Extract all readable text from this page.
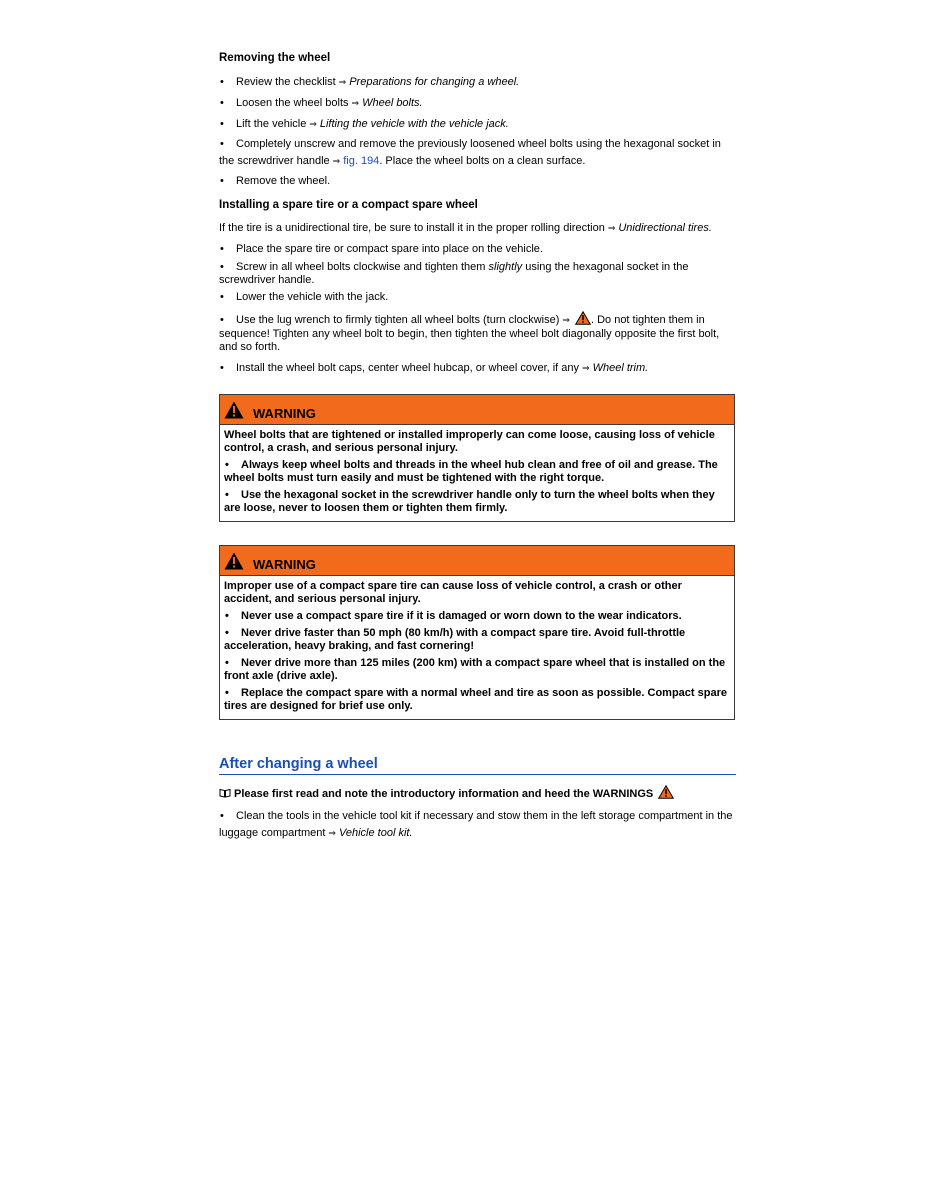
Removing the wheel

• Review the checklist ⇒ Preparations for changing a wheel.

• Loosen the wheel bolts ⇒ Wheel bolts.

• Lift the vehicle ⇒ Lifting the vehicle with the vehicle jack.

• Completely unscrew and remove the previously loosened wheel bolts using the hexagonal socket in the screwdriver handle ⇒ fig. 194. Place the wheel bolts on a clean surface.

• Remove the wheel.

Installing a spare tire or a compact spare wheel

If the tire is a unidirectional tire, be sure to install it in the proper rolling direction ⇒ Unidirectional tires.

• Place the spare tire or compact spare into place on the vehicle.

• Screw in all wheel bolts clockwise and tighten them slightly using the hexagonal socket in the screwdriver handle.

• Lower the vehicle with the jack.

• Use the lug wrench to firmly tighten all wheel bolts (turn clockwise) ⇒ . Do not tighten them in sequence! Tighten any wheel bolt to begin, then tighten the wheel bolt diagonally opposite the first bolt, and so forth.

• Install the wheel bolt caps, center wheel hubcap, or wheel cover, if any ⇒ Wheel trim.

WARNING

Wheel bolts that are tightened or installed improperly can come loose, causing loss of vehicle control, a crash, and serious personal injury.

• Always keep wheel bolts and threads in the wheel hub clean and free of oil and grease. The wheel bolts must turn easily and must be tightened with the right torque.

• Use the hexagonal socket in the screwdriver handle only to turn the wheel bolts when they are loose, never to loosen them or tighten them firmly.

WARNING

Improper use of a compact spare tire can cause loss of vehicle control, a crash or other accident, and serious personal injury.

• Never use a compact spare tire if it is damaged or worn down to the wear indicators.

• Never drive faster than 50 mph (80 km/h) with a compact spare tire. Avoid full-throttle acceleration, heavy braking, and fast cornering!

• Never drive more than 125 miles (200 km) with a compact spare wheel that is installed on the front axle (drive axle).

• Replace the compact spare with a normal wheel and tire as soon as possible. Compact spare tires are designed for brief use only.

After changing a wheel

Please first read and note the introductory information and heed the WARNINGS

• Clean the tools in the vehicle tool kit if necessary and stow them in the left storage compartment in the luggage compartment ⇒ Vehicle tool kit.
